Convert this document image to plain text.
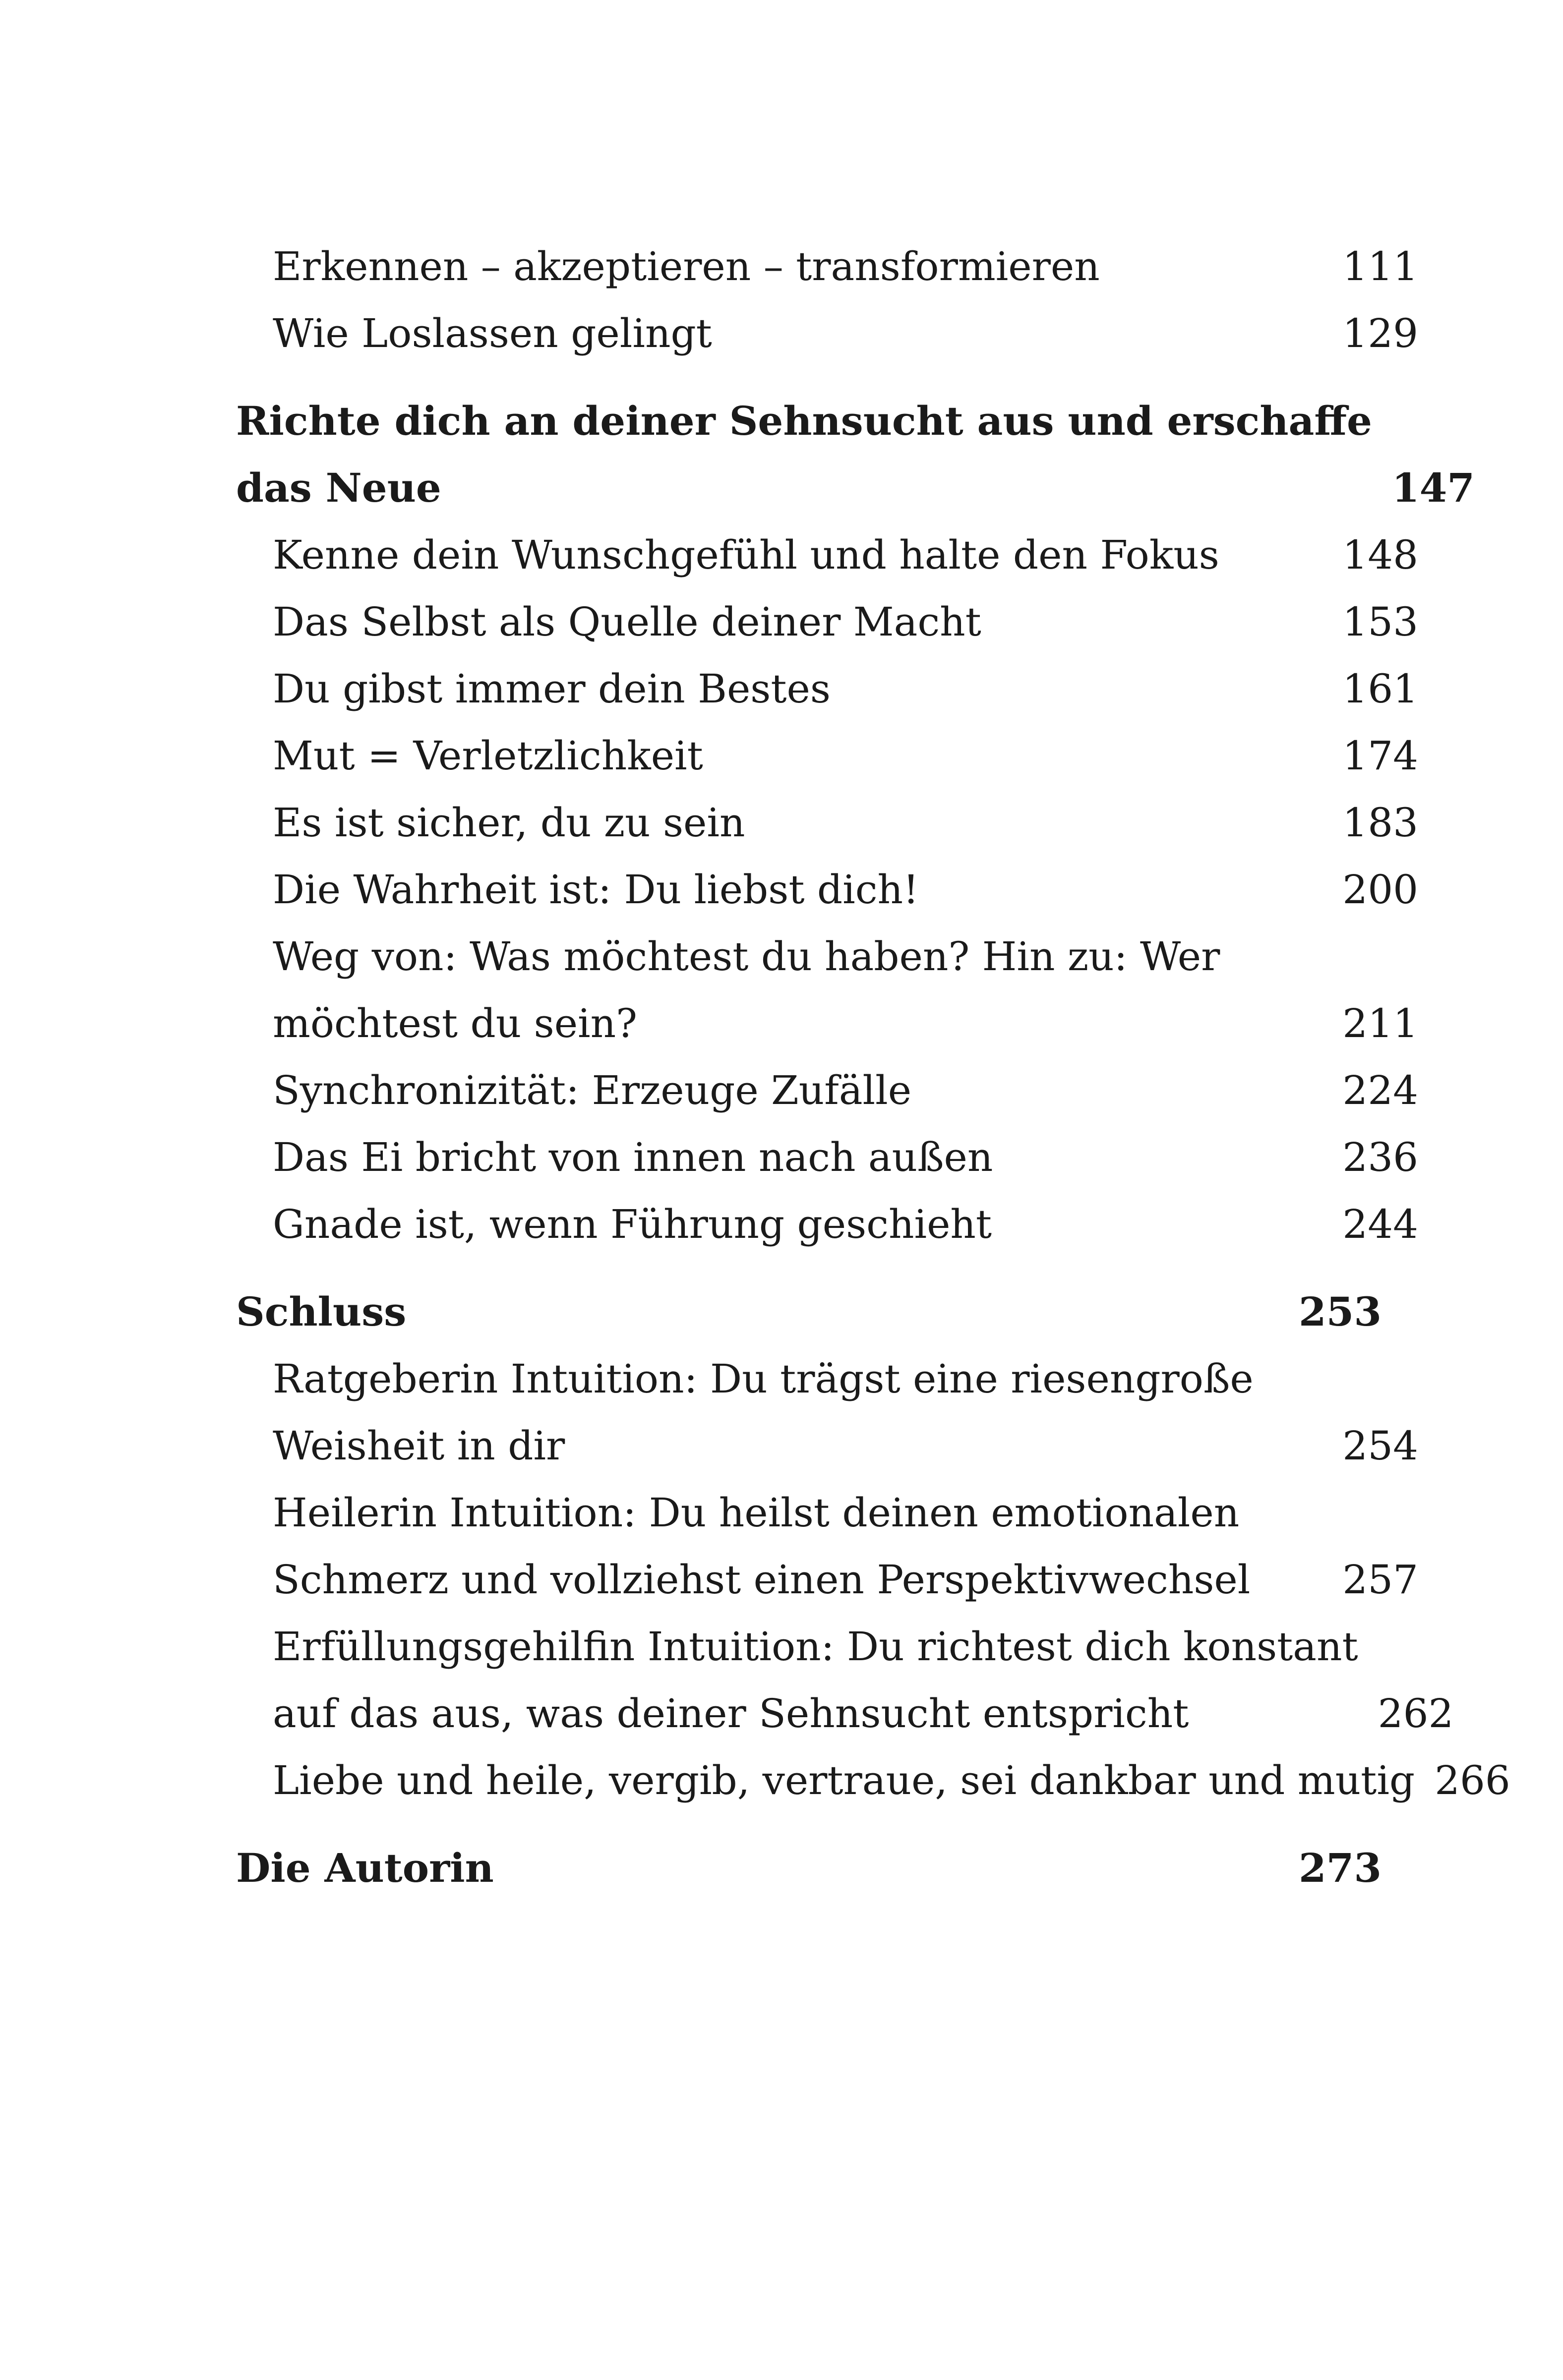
Erkennen – akzeptieren – transformieren	111
Wie Loslassen gelingt	129
Richte dich an deiner Sehnsucht aus und erschaffe
das Neue	147
Kenne dein Wunschgefühl und halte den Fokus	148
Das Selbst als Quelle deiner Macht	153
Du gibst immer dein Bestes	161
Mut = Verletzlichkeit	174
Es ist sicher, du zu sein	183
Die Wahrheit ist: Du liebst dich!	200
Weg von: Was möchtest du haben? Hin zu: Wer
möchtest du sein?	211
Synchronizität: Erzeuge Zufälle	224
Das Ei bricht von innen nach außen	236
Gnade ist, wenn Führung geschieht	244
Schluss	253
Ratgeberin Intuition: Du trägst eine riesengroße
Weisheit in dir	254
Heilerin Intuition: Du heilst deinen emotionalen
Schmerz und vollziehst einen Perspektivwechsel	257
Erfüllungsgehilfin Intuition: Du richtest dich konstant
auf das aus, was deiner Sehnsucht entspricht	262
Liebe und heile, vergib, vertraue, sei dankbar und mutig 266
Die Autorin	273
